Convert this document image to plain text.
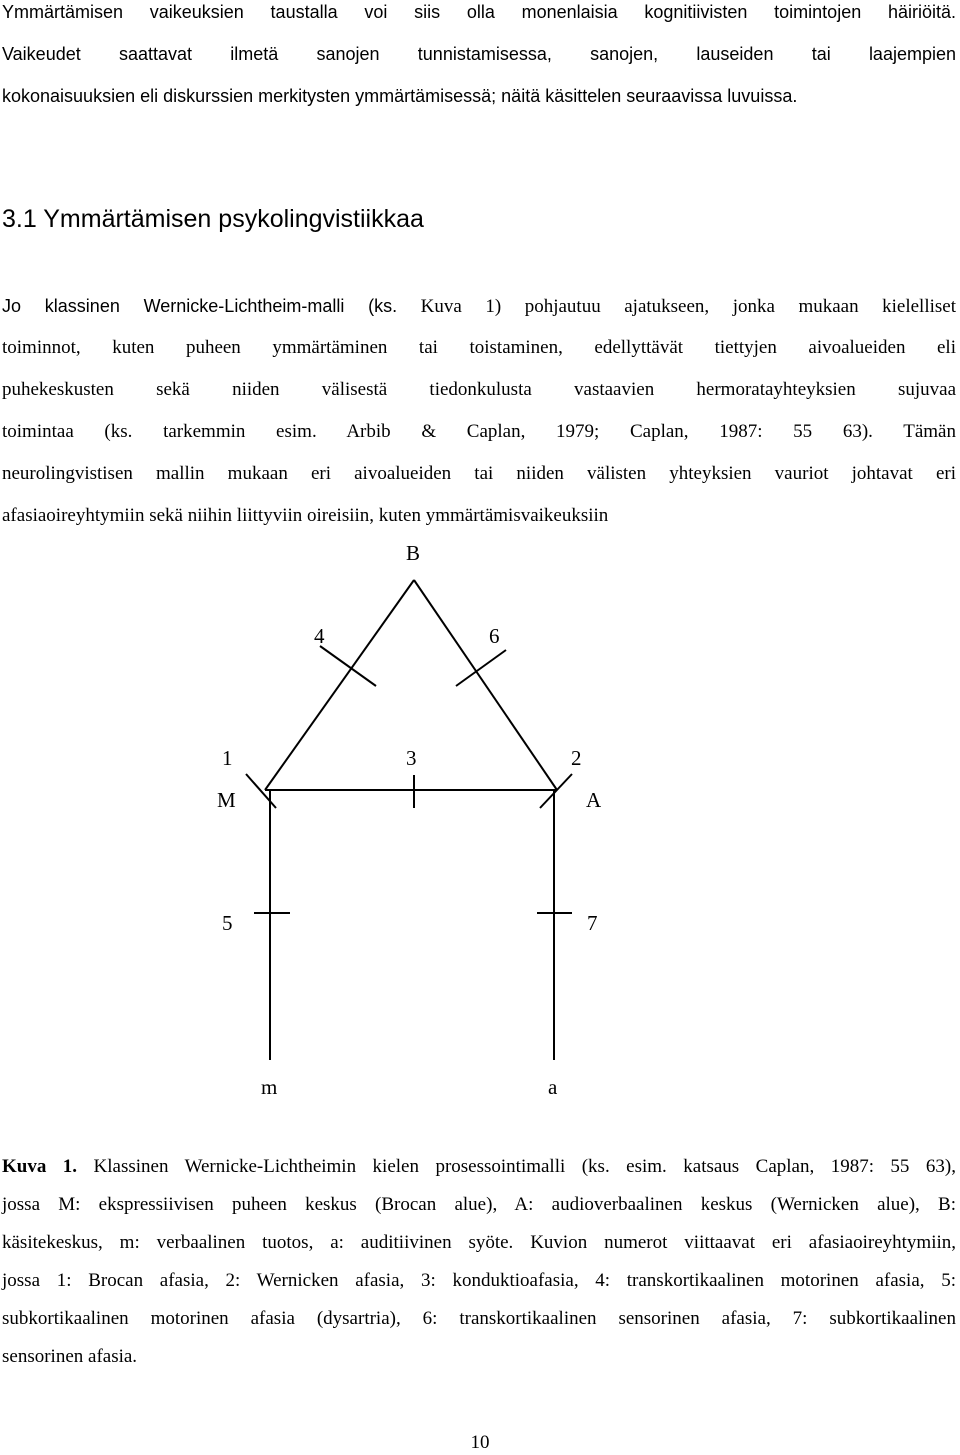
Ymmärtämisen vaikeuksien taustalla voi siis olla monenlaisia kognitiivisten toimintojen häiriöitä.
Vaikeudet saattavat ilmetä sanojen tunnistamisessa, sanojen, lauseiden tai laajempien
kokonaisuuksien eli diskurssien merkitysten ymmärtämisessä; näitä käsittelen seuraavissa luvuissa.
3.1 Ymmärtämisen psykolingvistiikkaa
Jo klassinen Wernicke-Lichtheim-malli (ks. Kuva 1) pohjautuu ajatukseen, jonka mukaan kielelliset
toiminnot, kuten puheen ymmärtäminen tai toistaminen, edellyttävät tiettyjen aivoalueiden eli
puhekeskusten sekä niiden välisestä tiedonkulusta vastaavien hermoratayhteyksien sujuvaa
toimintaa (ks. tarkemmin esim. Arbib & Caplan, 1979; Caplan, 1987: 55 63). Tämän
neurolingvistisen mallin mukaan eri aivoalueiden tai niiden välisten yhteyksien vauriot johtavat eri
afasiaoireyhtymiin sekä niihin liittyviin oireisiin, kuten ymmärtämisvaikeuksiin
B
4	6
1	3	2
M	A
5	7
m	a
Kuva 1. Klassinen Wernicke-Lichtheimin kielen prosessointimalli (ks. esim. katsaus Caplan, 1987: 55 63),
jossa M: ekspressiivisen puheen keskus (Brocan alue), A: audioverbaalinen keskus (Wernicken alue), B:
käsitekeskus, m: verbaalinen tuotos, a: auditiivinen syöte. Kuvion numerot viittaavat eri afasiaoireyhtymiin,
jossa 1: Brocan afasia, 2: Wernicken afasia, 3: konduktioafasia, 4: transkortikaalinen motorinen afasia, 5:
subkortikaalinen motorinen afasia (dysartria), 6: transkortikaalinen sensorinen afasia, 7: subkortikaalinen
sensorinen afasia.
10
